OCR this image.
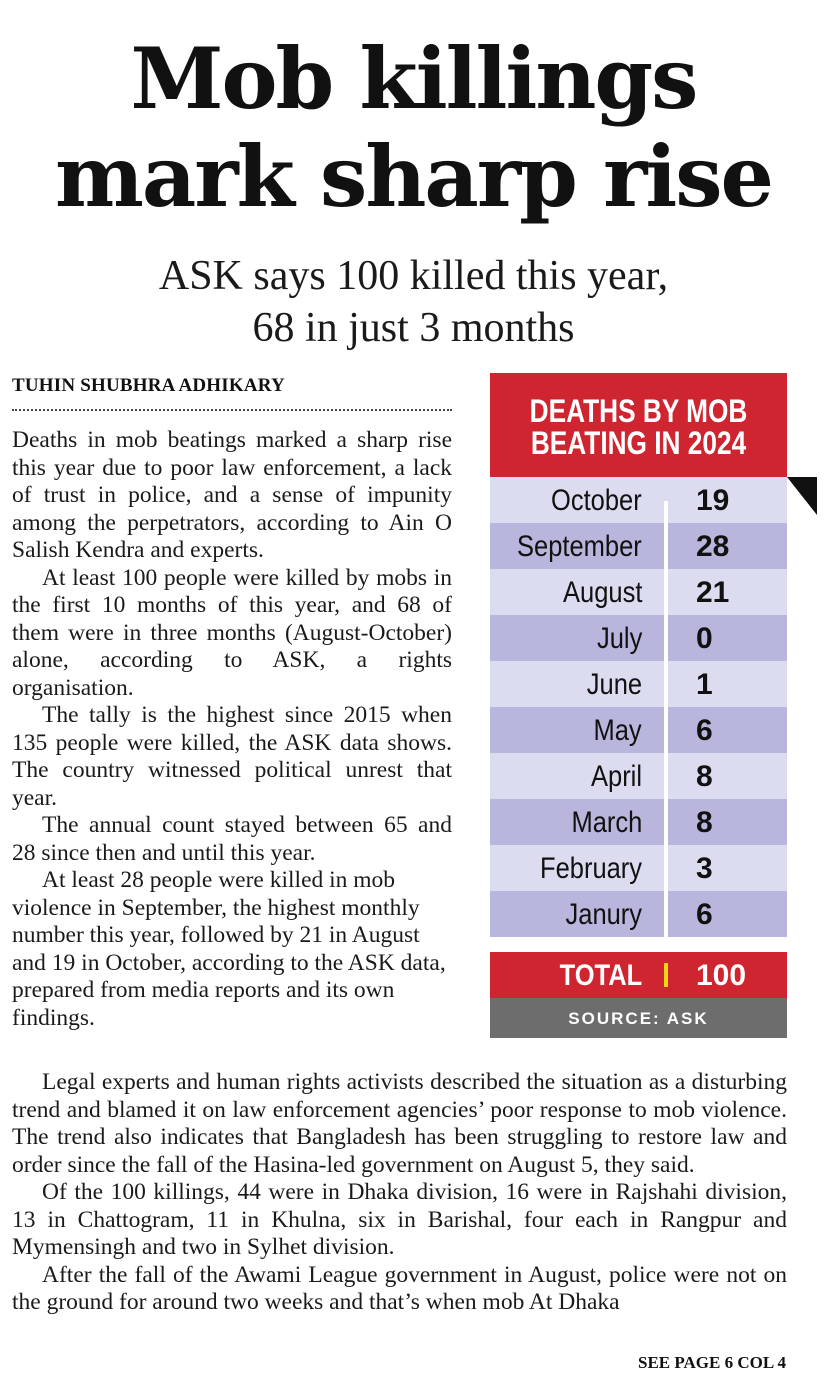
Mob killings
mark sharp rise
ASK says 100 killed this year,
68 in just 3 months
TUHIN SHUBHRA ADHIKARY

Deaths in mob beatings marked a sharp rise this year due to poor law enforcement, a lack of trust in police, and a sense of impunity among the perpetrators, according to Ain O Salish Kendra and experts.

At least 100 people were killed by mobs in the first 10 months of this year, and 68 of them were in three months (August-October) alone, according to ASK, a rights organisation.

The tally is the highest since 2015 when 135 people were killed, the ASK data shows. The country witnessed political unrest that year.

The annual count stayed between 65 and 28 since then and until this year.

At least 28 people were killed in mob violence in September, the highest monthly number this year, followed by 21 in August and 19 in October, according to the ASK data, prepared from media reports and its own findings.

Legal experts and human rights activists described the situation as a disturbing trend and blamed it on law enforcement agencies’ poor response to mob violence. The trend also indicates that Bangladesh has been struggling to restore law and order since the fall of the Hasina-led government on August 5, they said.

Of the 100 killings, 44 were in Dhaka division, 16 were in Rajshahi division, 13 in Chattogram, 11 in Khulna, six in Barishal, four each in Rangpur and Mymensingh and two in Sylhet division.

After the fall of the Awami League government in August, police were not on the ground for around two weeks and that’s when mob At Dhaka

SEE PAGE 6 COL 4
DEATHS BY MOB
BEATING IN 2024
October 19
September 28
August 21
July 0
June 1
May 6
April 8
March 8
February 3
Janury 6
TOTAL 100
SOURCE: ASK
